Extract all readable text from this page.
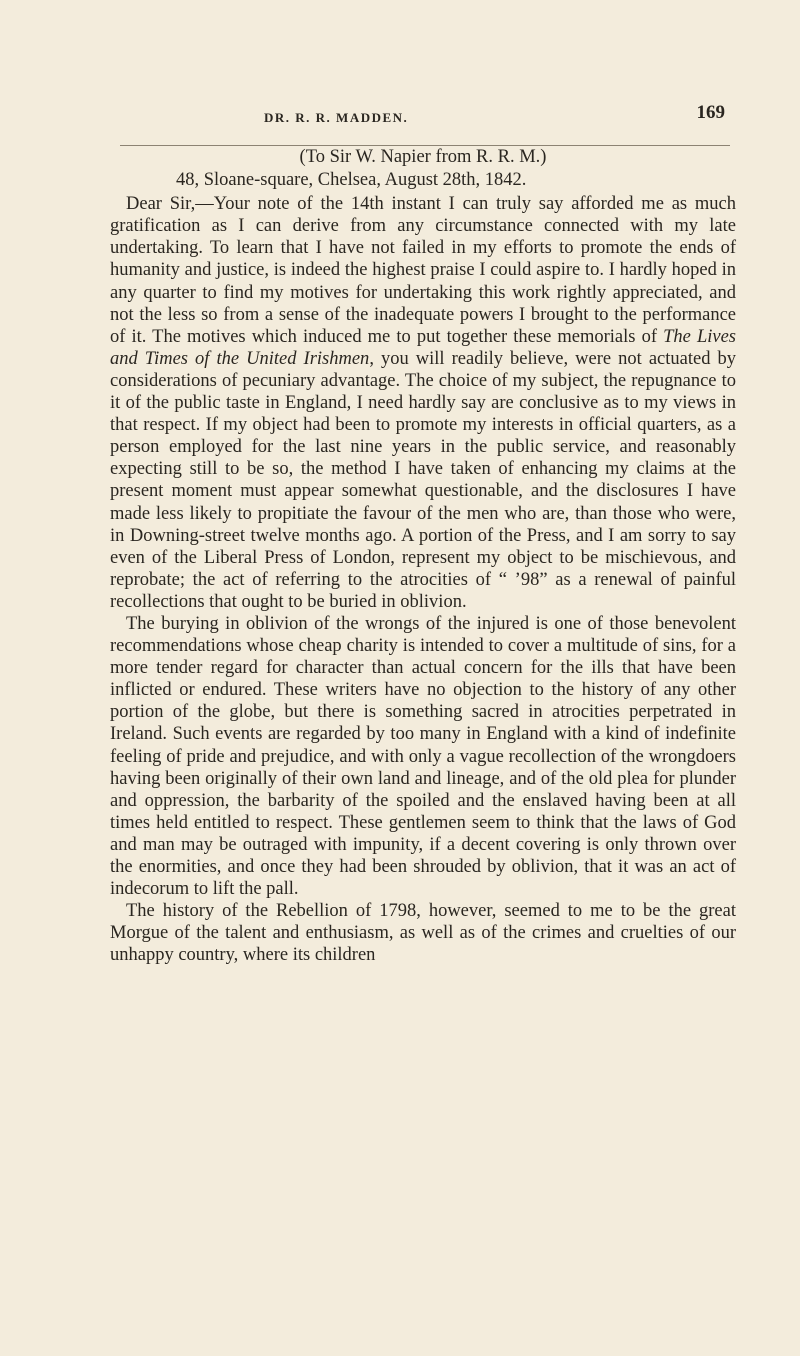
DR. R. R. MADDEN.	169

(To Sir W. Napier from R. R. M.)

48, Sloane-square, Chelsea, August 28th, 1842.

Dear Sir,—Your note of the 14th instant I can truly say afforded me as much gratification as I can derive from any circumstance connected with my late undertaking. To learn that I have not failed in my efforts to promote the ends of humanity and justice, is indeed the highest praise I could aspire to. I hardly hoped in any quarter to find my motives for undertaking this work rightly appreciated, and not the less so from a sense of the inadequate powers I brought to the performance of it. The motives which induced me to put together these memorials of The Lives and Times of the United Irishmen, you will readily believe, were not actuated by considerations of pecuniary advantage. The choice of my subject, the repugnance to it of the public taste in England, I need hardly say are conclusive as to my views in that respect. If my object had been to promote my interests in official quarters, as a person employed for the last nine years in the public service, and reasonably expecting still to be so, the method I have taken of enhancing my claims at the present moment must appear somewhat questionable, and the disclosures I have made less likely to propitiate the favour of the men who are, than those who were, in Downing-street twelve months ago. A portion of the Press, and I am sorry to say even of the Liberal Press of London, represent my object to be mischievous, and reprobate; the act of referring to the atrocities of “ ’98” as a renewal of painful recollections that ought to be buried in oblivion.

The burying in oblivion of the wrongs of the injured is one of those benevolent recommendations whose cheap charity is intended to cover a multitude of sins, for a more tender regard for character than actual concern for the ills that have been inflicted or endured. These writers have no objection to the history of any other portion of the globe, but there is something sacred in atrocities perpetrated in Ireland. Such events are regarded by too many in England with a kind of indefinite feeling of pride and prejudice, and with only a vague recollection of the wrongdoers having been originally of their own land and lineage, and of the old plea for plunder and oppression, the barbarity of the spoiled and the enslaved having been at all times held entitled to respect. These gentlemen seem to think that the laws of God and man may be outraged with impunity, if a decent covering is only thrown over the enormities, and once they had been shrouded by oblivion, that it was an act of indecorum to lift the pall.

The history of the Rebellion of 1798, however, seemed to me to be the great Morgue of the talent and enthusiasm, as well as of the crimes and cruelties of our unhappy country, where its children
